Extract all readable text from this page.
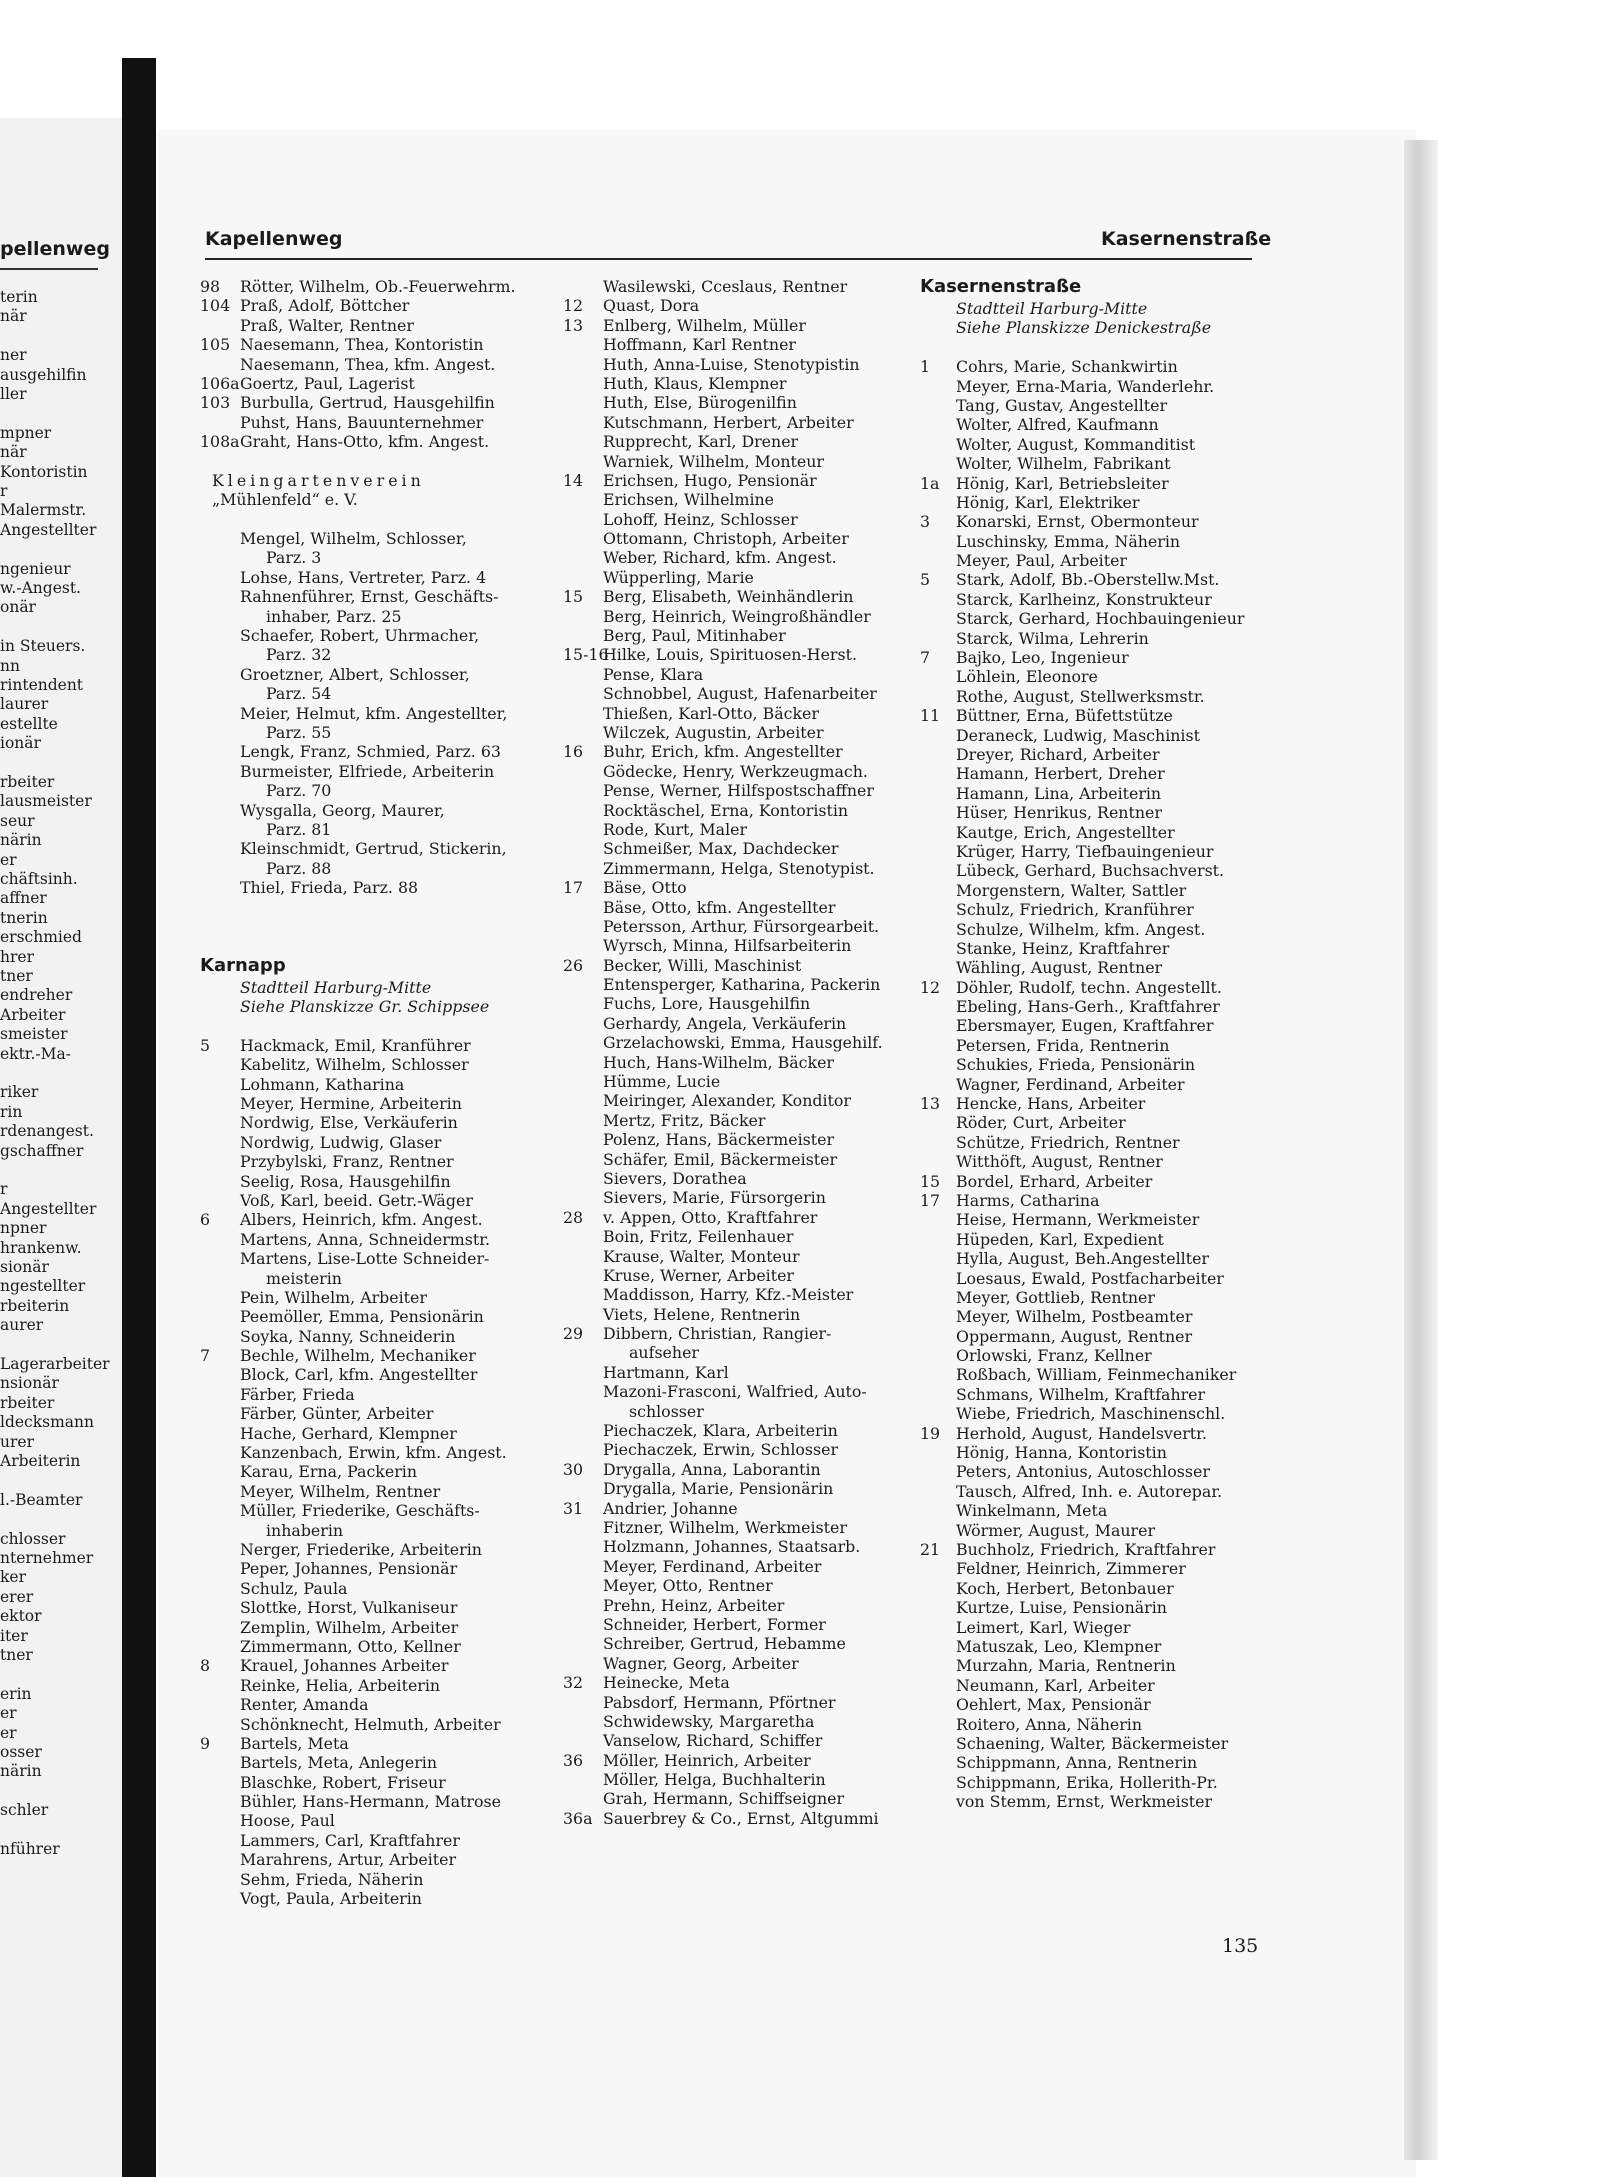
pellenweg
terin
när
ner
ausgehilfin
ller
mpner
när
Kontoristin
r
Malermstr.
Angestellter
ngenieur
w.-Angest.
onär
in Steuers.
nn
rintendent
laurer
estellte
ionär
rbeiter
lausmeister
seur
närin
er
chäftsinh.
affner
tnerin
erschmied
hrer
tner
endreher
Arbeiter
smeister
ektr.-Ma-
riker
rin
rdenangest.
gschaffner
r
Angestellter
npner
hrankenw.
sionär
ngestellter
rbeiterin
aurer
Lagerarbeiter
nsionär
rbeiter
ldecksmann
urer
Arbeiterin
l.-Beamter
chlosser
nternehmer
ker
erer
ektor
iter
tner
erin
er
er
osser
närin
schler
nführer
Kapellenweg	Kasernenstraße
98 Rötter, Wilhelm, Ob.-Feuerwehrm.
104 Praß, Adolf, Böttcher
Praß, Walter, Rentner
105 Naesemann, Thea, Kontoristin
Naesemann, Thea, kfm. Angest.
106a Goertz, Paul, Lagerist
103 Burbulla, Gertrud, Hausgehilfin
Puhst, Hans, Bauunternehmer
108a Graht, Hans-Otto, kfm. Angest.
Kleingartenverein
„Mühlenfeld“ e. V.
Mengel, Wilhelm, Schlosser,
Parz. 3
Lohse, Hans, Vertreter, Parz. 4
Rahnenführer, Ernst, Geschäfts-
inhaber, Parz. 25
Schaefer, Robert, Uhrmacher,
Parz. 32
Groetzner, Albert, Schlosser,
Parz. 54
Meier, Helmut, kfm. Angestellter,
Parz. 55
Lengk, Franz, Schmied, Parz. 63
Burmeister, Elfriede, Arbeiterin
Parz. 70
Wysgalla, Georg, Maurer,
Parz. 81
Kleinschmidt, Gertrud, Stickerin,
Parz. 88
Thiel, Frieda, Parz. 88
Karnapp
Stadtteil Harburg-Mitte
Siehe Planskizze Gr. Schippsee
5 Hackmack, Emil, Kranführer
Kabelitz, Wilhelm, Schlosser
Lohmann, Katharina
Meyer, Hermine, Arbeiterin
Nordwig, Else, Verkäuferin
Nordwig, Ludwig, Glaser
Przybylski, Franz, Rentner
Seelig, Rosa, Hausgehilfin
Voß, Karl, beeid. Getr.-Wäger
6 Albers, Heinrich, kfm. Angest.
Martens, Anna, Schneidermstr.
Martens, Lise-Lotte Schneider-
meisterin
Pein, Wilhelm, Arbeiter
Peemöller, Emma, Pensionärin
Soyka, Nanny, Schneiderin
7 Bechle, Wilhelm, Mechaniker
Block, Carl, kfm. Angestellter
Färber, Frieda
Färber, Günter, Arbeiter
Hache, Gerhard, Klempner
Kanzenbach, Erwin, kfm. Angest.
Karau, Erna, Packerin
Meyer, Wilhelm, Rentner
Müller, Friederike, Geschäfts-
inhaberin
Nerger, Friederike, Arbeiterin
Peper, Johannes, Pensionär
Schulz, Paula
Slottke, Horst, Vulkaniseur
Zemplin, Wilhelm, Arbeiter
Zimmermann, Otto, Kellner
8 Krauel, Johannes Arbeiter
Reinke, Helia, Arbeiterin
Renter, Amanda
Schönknecht, Helmuth, Arbeiter
9 Bartels, Meta
Bartels, Meta, Anlegerin
Blaschke, Robert, Friseur
Bühler, Hans-Hermann, Matrose
Hoose, Paul
Lammers, Carl, Kraftfahrer
Marahrens, Artur, Arbeiter
Sehm, Frieda, Näherin
Vogt, Paula, Arbeiterin
Wasilewski, Cceslaus, Rentner
12 Quast, Dora
13 Enlberg, Wilhelm, Müller
Hoffmann, Karl Rentner
Huth, Anna-Luise, Stenotypistin
Huth, Klaus, Klempner
Huth, Else, Bürogenilfin
Kutschmann, Herbert, Arbeiter
Rupprecht, Karl, Drener
Warniek, Wilhelm, Monteur
14 Erichsen, Hugo, Pensionär
Erichsen, Wilhelmine
Lohoff, Heinz, Schlosser
Ottomann, Christoph, Arbeiter
Weber, Richard, kfm. Angest.
Wüpperling, Marie
15 Berg, Elisabeth, Weinhändlerin
Berg, Heinrich, Weingroßhändler
Berg, Paul, Mitinhaber
15-16
Hilke, Louis, Spirituosen-Herst.
Pense, Klara
Schnobbel, August, Hafenarbeiter
Thießen, Karl-Otto, Bäcker
Wilczek, Augustin, Arbeiter
16 Buhr, Erich, kfm. Angestellter
Gödecke, Henry, Werkzeugmach.
Pense, Werner, Hilfspostschaffner
Rocktäschel, Erna, Kontoristin
Rode, Kurt, Maler
Schmeißer, Max, Dachdecker
Zimmermann, Helga, Stenotypist.
17 Bäse, Otto
Bäse, Otto, kfm. Angestellter
Petersson, Arthur, Fürsorgearbeit.
Wyrsch, Minna, Hilfsarbeiterin
26 Becker, Willi, Maschinist
Entensperger, Katharina, Packerin
Fuchs, Lore, Hausgehilfin
Gerhardy, Angela, Verkäuferin
Grzelachowski, Emma, Hausgehilf.
Huch, Hans-Wilhelm, Bäcker
Hümme, Lucie
Meiringer, Alexander, Konditor
Mertz, Fritz, Bäcker
Polenz, Hans, Bäckermeister
Schäfer, Emil, Bäckermeister
Sievers, Dorathea
Sievers, Marie, Fürsorgerin
28 v. Appen, Otto, Kraftfahrer
Boin, Fritz, Feilenhauer
Krause, Walter, Monteur
Kruse, Werner, Arbeiter
Maddisson, Harry, Kfz.-Meister
Viets, Helene, Rentnerin
29 Dibbern, Christian, Rangier-
aufseher
Hartmann, Karl
Mazoni-Frasconi, Walfried, Auto-
schlosser
Piechaczek, Klara, Arbeiterin
Piechaczek, Erwin, Schlosser
30 Drygalla, Anna, Laborantin
Drygalla, Marie, Pensionärin
31 Andrier, Johanne
Fitzner, Wilhelm, Werkmeister
Holzmann, Johannes, Staatsarb.
Meyer, Ferdinand, Arbeiter
Meyer, Otto, Rentner
Prehn, Heinz, Arbeiter
Schneider, Herbert, Former
Schreiber, Gertrud, Hebamme
Wagner, Georg, Arbeiter
32 Heinecke, Meta
Pabsdorf, Hermann, Pförtner
Schwidewsky, Margaretha
Vanselow, Richard, Schiffer
36 Möller, Heinrich, Arbeiter
Möller, Helga, Buchhalterin
Grah, Hermann, Schiffseigner
36a Sauerbrey & Co., Ernst, Altgummi
Kasernenstraße
Stadtteil Harburg-Mitte
Siehe Planskizze Denickestraße
1 Cohrs, Marie, Schankwirtin
Meyer, Erna-Maria, Wanderlehr.
Tang, Gustav, Angestellter
Wolter, Alfred, Kaufmann
Wolter, August, Kommanditist
Wolter, Wilhelm, Fabrikant
1a Hönig, Karl, Betriebsleiter
Hönig, Karl, Elektriker
3 Konarski, Ernst, Obermonteur
Luschinsky, Emma, Näherin
Meyer, Paul, Arbeiter
5 Stark, Adolf, Bb.-Oberstellw.Mst.
Starck, Karlheinz, Konstrukteur
Starck, Gerhard, Hochbauingenieur
Starck, Wilma, Lehrerin
7 Bajko, Leo, Ingenieur
Löhlein, Eleonore
Rothe, August, Stellwerksmstr.
11 Büttner, Erna, Büfettstütze
Deraneck, Ludwig, Maschinist
Dreyer, Richard, Arbeiter
Hamann, Herbert, Dreher
Hamann, Lina, Arbeiterin
Hüser, Henrikus, Rentner
Kautge, Erich, Angestellter
Krüger, Harry, Tiefbauingenieur
Lübeck, Gerhard, Buchsachverst.
Morgenstern, Walter, Sattler
Schulz, Friedrich, Kranführer
Schulze, Wilhelm, kfm. Angest.
Stanke, Heinz, Kraftfahrer
Wähling, August, Rentner
12 Döhler, Rudolf, techn. Angestellt.
Ebeling, Hans-Gerh., Kraftfahrer
Ebersmayer, Eugen, Kraftfahrer
Petersen, Frida, Rentnerin
Schukies, Frieda, Pensionärin
Wagner, Ferdinand, Arbeiter
13 Hencke, Hans, Arbeiter
Röder, Curt, Arbeiter
Schütze, Friedrich, Rentner
Witthöft, August, Rentner
15 Bordel, Erhard, Arbeiter
17 Harms, Catharina
Heise, Hermann, Werkmeister
Hüpeden, Karl, Expedient
Hylla, August, Beh.Angestellter
Loesaus, Ewald, Postfacharbeiter
Meyer, Gottlieb, Rentner
Meyer, Wilhelm, Postbeamter
Oppermann, August, Rentner
Orlowski, Franz, Kellner
Roßbach, William, Feinmechaniker
Schmans, Wilhelm, Kraftfahrer
Wiebe, Friedrich, Maschinenschl.
19 Herhold, August, Handelsvertr.
Hönig, Hanna, Kontoristin
Peters, Antonius, Autoschlosser
Tausch, Alfred, Inh. e. Autorepar.
Winkelmann, Meta
Wörmer, August, Maurer
21 Buchholz, Friedrich, Kraftfahrer
Feldner, Heinrich, Zimmerer
Koch, Herbert, Betonbauer
Kurtze, Luise, Pensionärin
Leimert, Karl, Wieger
Matuszak, Leo, Klempner
Murzahn, Maria, Rentnerin
Neumann, Karl, Arbeiter
Oehlert, Max, Pensionär
Roitero, Anna, Näherin
Schaening, Walter, Bäckermeister
Schippmann, Anna, Rentnerin
Schippmann, Erika, Hollerith-Pr.
von Stemm, Ernst, Werkmeister
135
